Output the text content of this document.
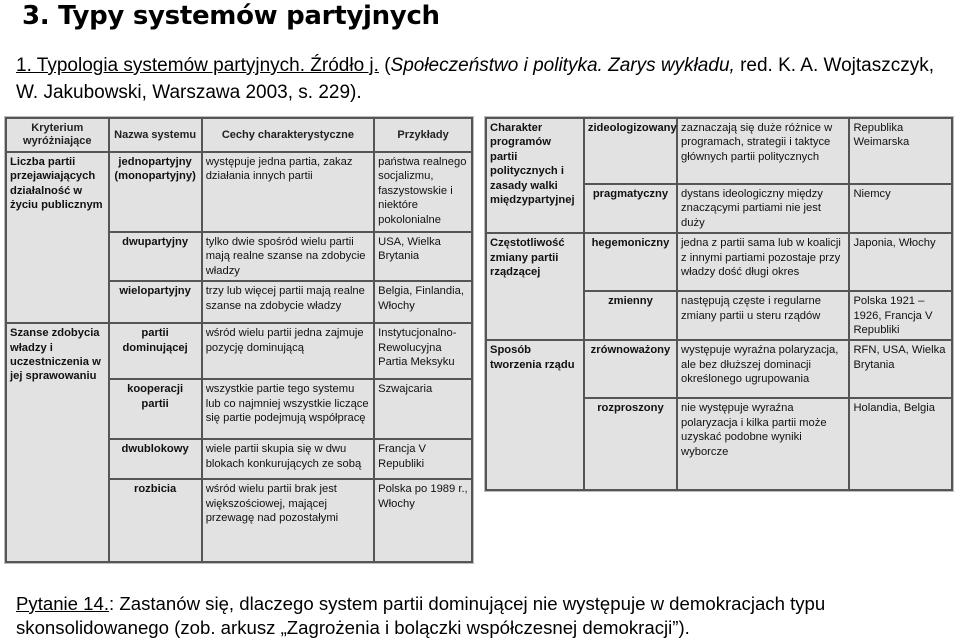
3. Typy systemów partyjnych
1. Typologia systemów partyjnych. Źródło j. (Społeczeństwo i polityka. Zarys wykładu, red. K. A. Wojtaszczyk, W. Jakubowski, Warszawa 2003, s. 229).
Kryterium wyróżniające	Nazwa systemu	Cechy charakterystyczne	Przykłady
Liczba partii przejawiających działalność w życiu publicznym	jednopartyjny (monopartyjny)	występuje jedna partia, zakaz działania innych partii	państwa realnego socjalizmu, faszystowskie i niektóre pokolonialne
	dwupartyjny	tylko dwie spośród wielu partii mają realne szanse na zdobycie władzy	USA, Wielka Brytania
	wielopartyjny	trzy lub więcej partii mają realne szanse na zdobycie władzy	Belgia, Finlandia, Włochy
Szanse zdobycia władzy i uczestniczenia w jej sprawowaniu	partii dominującej	wśród wielu partii jedna zajmuje pozycję dominującą	Instytucjonalno-Rewolucyjna Partia Meksyku
	kooperacji partii	wszystkie partie tego systemu lub co najmniej wszystkie liczące się partie podejmują współpracę	Szwajcaria
	dwublokowy	wiele partii skupia się w dwu blokach konkurujących ze sobą	Francja V Republiki
	rozbicia	wśród wielu partii brak jest większościowej, mającej przewagę nad pozostałymi	Polska po 1989 r., Włochy
Charakter programów partii politycznych i zasady walki międzypartyjnej	zideologizowany	zaznaczają się duże różnice w programach, strategii i taktyce głównych partii politycznych	Republika Weimarska
	pragmatyczny	dystans ideologiczny między znaczącymi partiami nie jest duży	Niemcy
Częstotliwość zmiany partii rządzącej	hegemoniczny	jedna z partii sama lub w koalicji z innymi partiami pozostaje przy władzy dość długi okres	Japonia, Włochy
	zmienny	następują częste i regularne zmiany partii u steru rządów	Polska 1921 – 1926, Francja V Republiki
Sposób tworzenia rządu	zrównoważony	występuje wyraźna polaryzacja, ale bez dłuższej dominacji określonego ugrupowania	RFN, USA, Wielka Brytania
	rozproszony	nie występuje wyraźna polaryzacja i kilka partii może uzyskać podobne wyniki wyborcze	Holandia, Belgia
Pytanie 14.: Zastanów się, dlaczego system partii dominującej nie występuje w demokracjach typu skonsolidowanego (zob. arkusz „Zagrożenia i bolączki współczesnej demokracji”).
